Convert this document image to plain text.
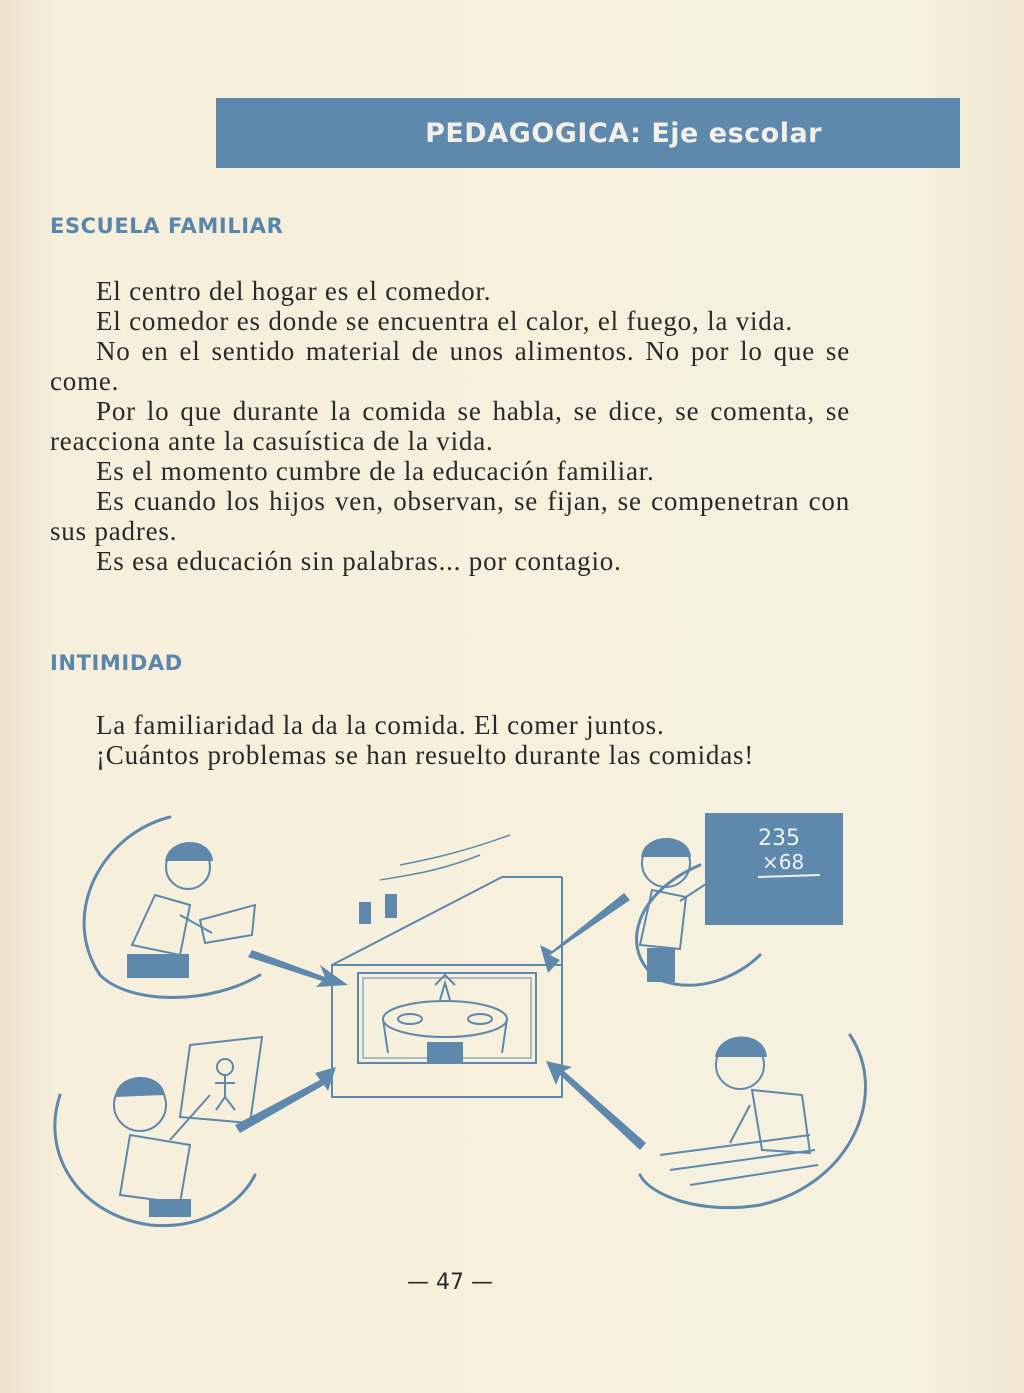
PEDAGOGICA: Eje escolar
ESCUELA FAMILIAR
El centro del hogar es el comedor.
El comedor es donde se encuentra el calor, el fuego, la vida.
No en el sentido material de unos alimentos. No por lo que se come.
Por lo que durante la comida se habla, se dice, se comenta, se reacciona ante la casuística de la vida.
Es el momento cumbre de la educación familiar.
Es cuando los hijos ven, observan, se fijan, se compenetran con sus padres.
Es esa educación sin palabras... por contagio.
INTIMIDAD
La familiaridad la da la comida. El comer juntos.
¡Cuántos problemas se han resuelto durante las comidas!
235
×68
— 47 —
